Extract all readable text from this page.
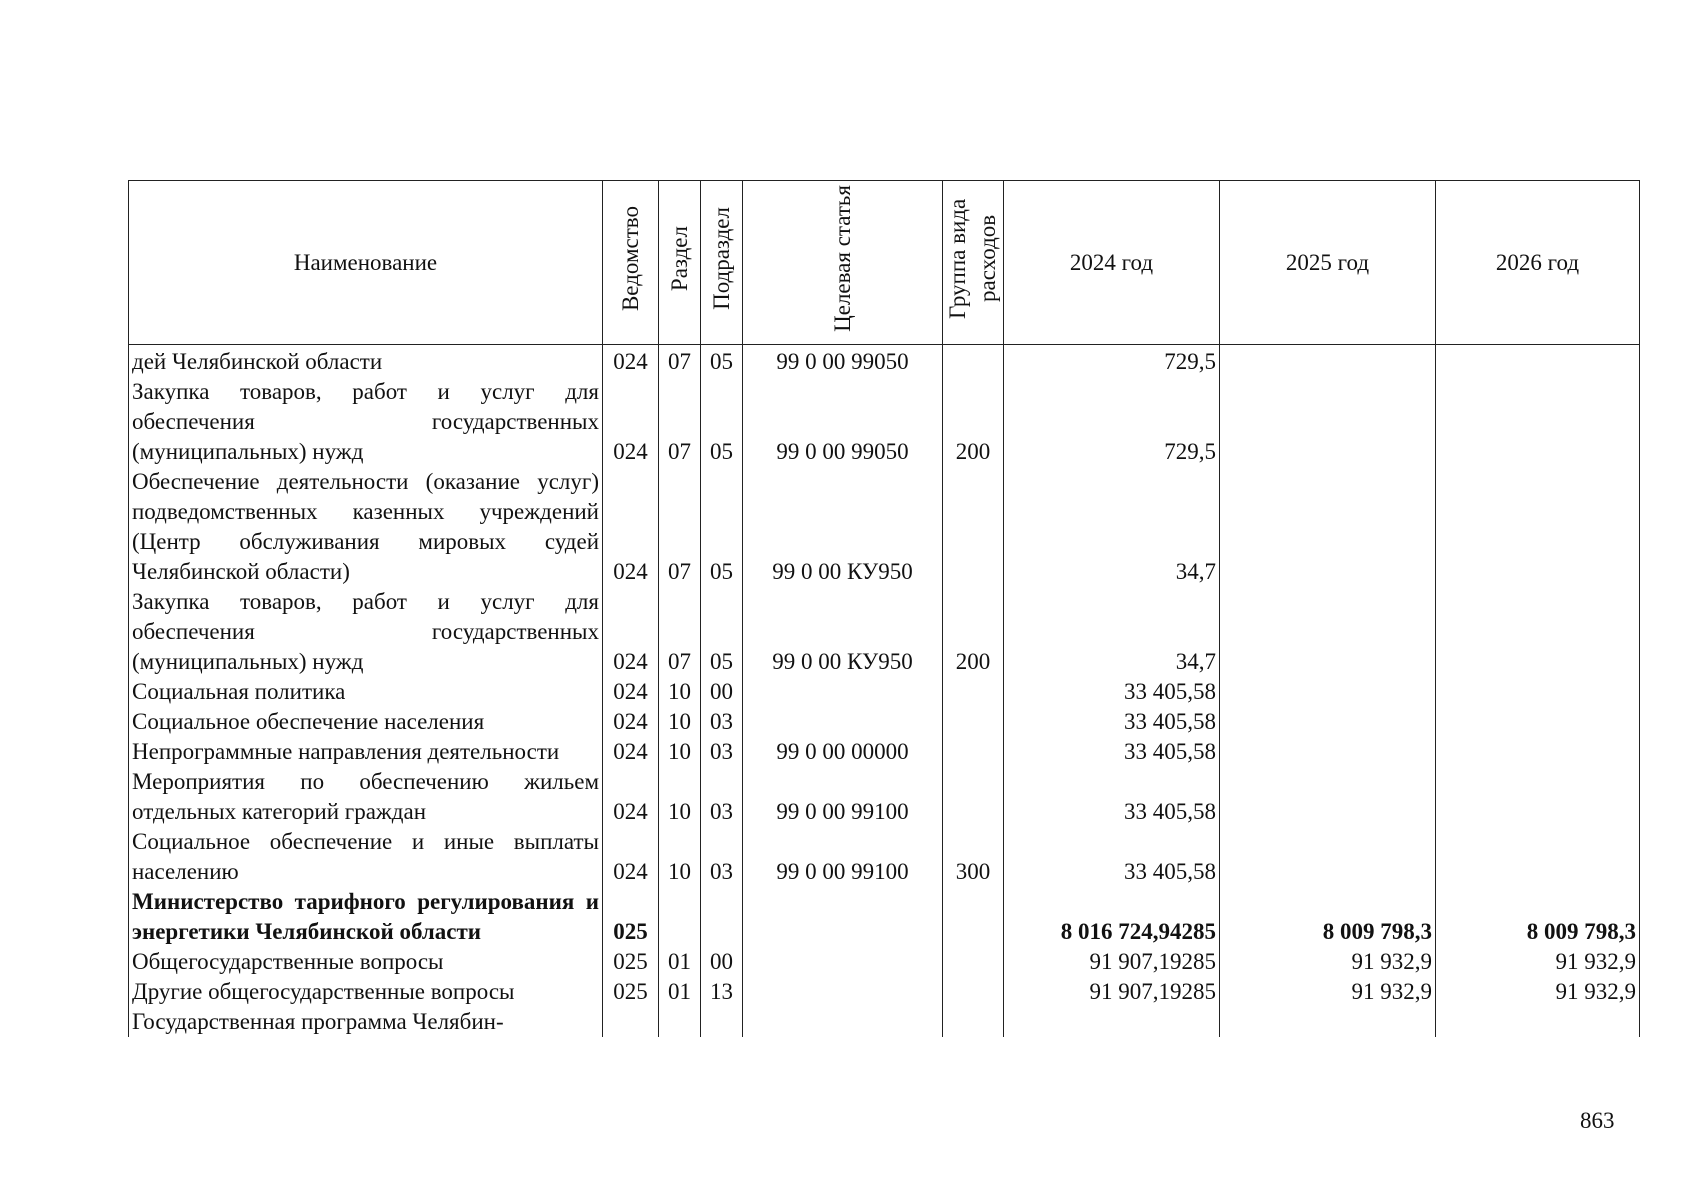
Наименование	Ведомство	Раздел	Подраздел	Целевая статья	Группа вида расходов	2024 год	2025 год	2026 год
дей Челябинской области	024	07	05	99 0 00 99050		729,5		
Закупка товаров, работ и услуг для обеспечения государственных (муниципальных) нужд	024	07	05	99 0 00 99050	200	729,5		
Обеспечение деятельности (оказание услуг) подведомственных казенных учреждений (Центр обслуживания мировых судей Челябинской области)	024	07	05	99 0 00 КУ950		34,7		
Закупка товаров, работ и услуг для обеспечения государственных (муниципальных) нужд	024	07	05	99 0 00 КУ950	200	34,7		
Социальная политика	024	10	00			33 405,58		
Социальное обеспечение населения	024	10	03			33 405,58		
Непрограммные направления деятельности	024	10	03	99 0 00 00000		33 405,58		
Мероприятия по обеспечению жильем отдельных категорий граждан	024	10	03	99 0 00 99100		33 405,58		
Социальное обеспечение и иные выплаты населению	024	10	03	99 0 00 99100	300	33 405,58		
Министерство тарифного регулирования и энергетики Челябинской области	025					8 016 724,94285	8 009 798,3	8 009 798,3
Общегосударственные вопросы	025	01	00			91 907,19285	91 932,9	91 932,9
Другие общегосударственные вопросы	025	01	13			91 907,19285	91 932,9	91 932,9
Государственная программа Челябин-								
863
